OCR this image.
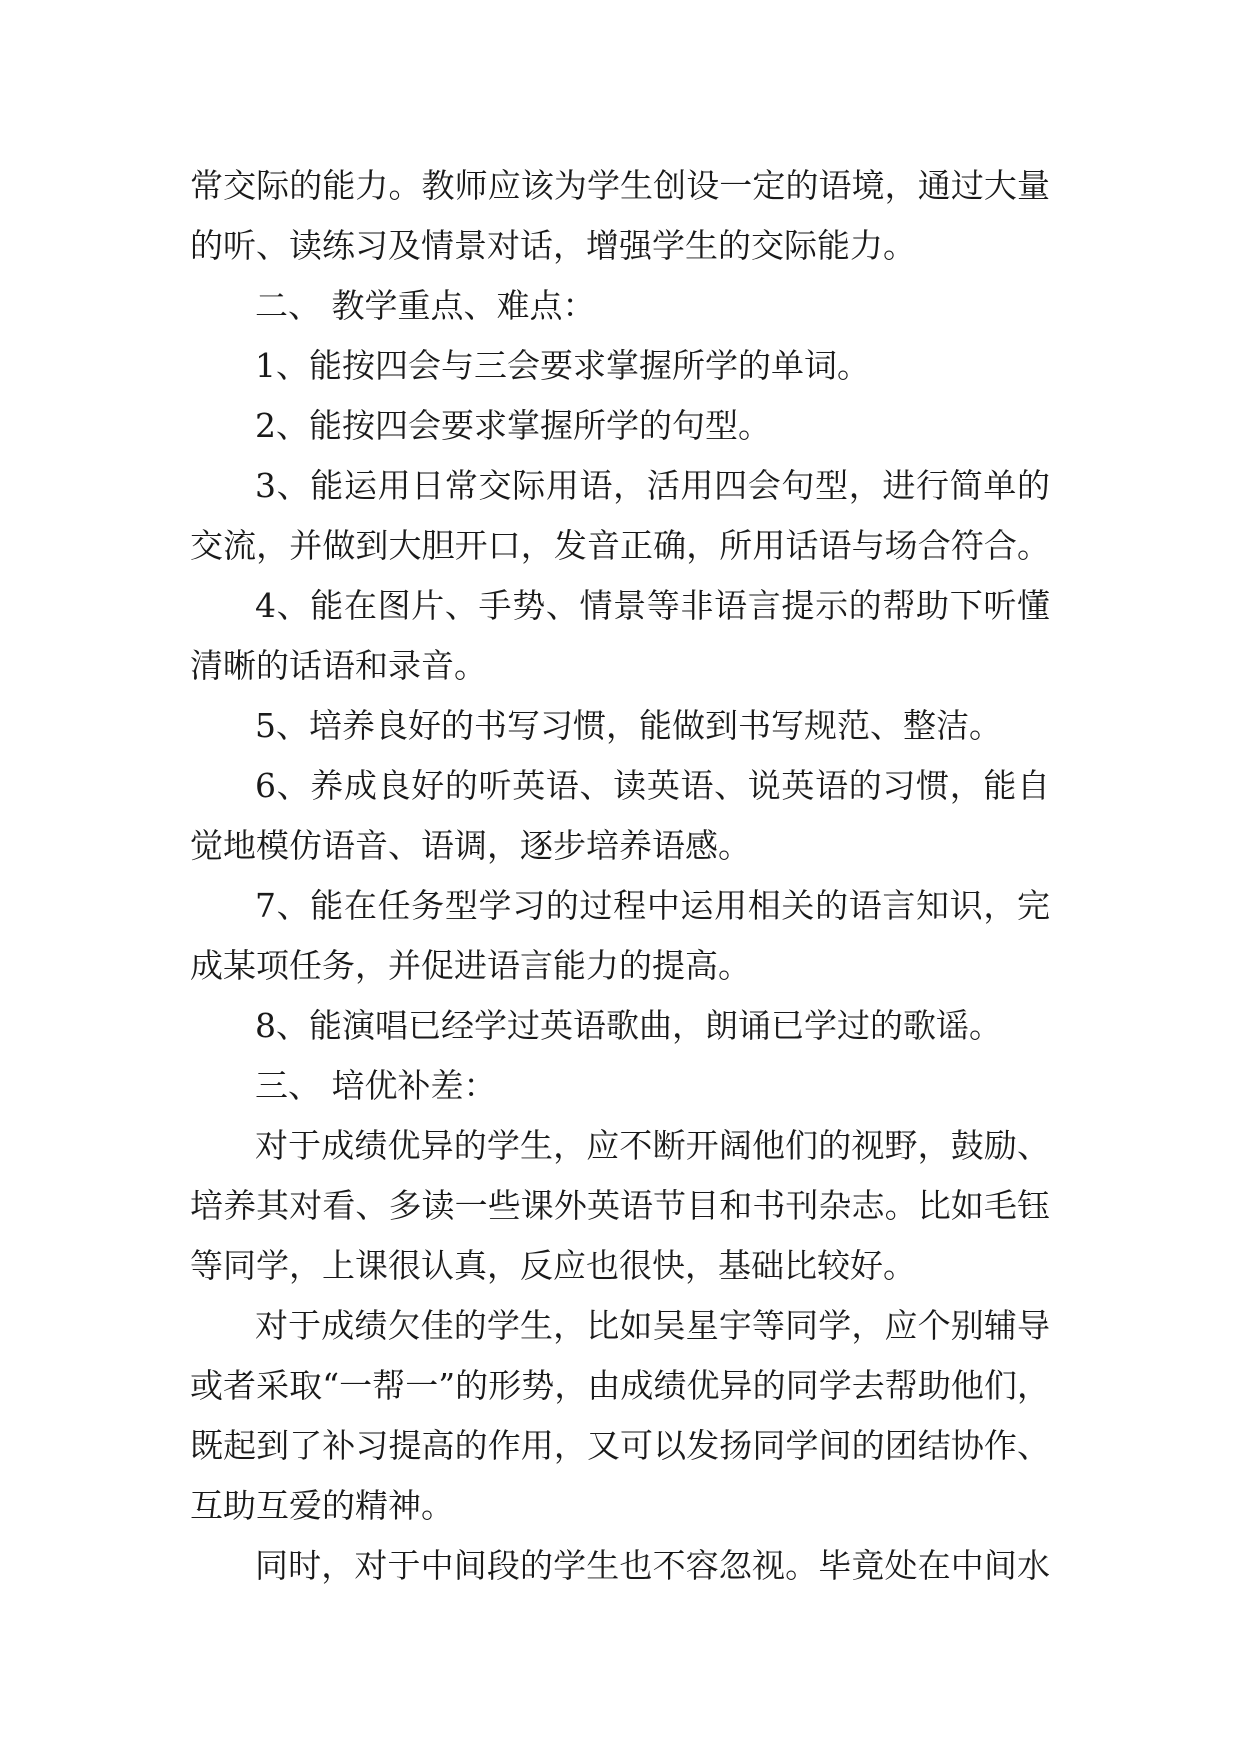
常交际的能力。教师应该为学生创设一定的语境，通过大量
的听、读练习及情景对话，增强学生的交际能力。
二、 教学重点、难点：
1、能按四会与三会要求掌握所学的单词。
2、能按四会要求掌握所学的句型。
3、能运用日常交际用语，活用四会句型，进行简单的
交流，并做到大胆开口，发音正确，所用话语与场合符合。
4、能在图片、手势、情景等非语言提示的帮助下听懂
清晰的话语和录音。
5、培养良好的书写习惯，能做到书写规范、整洁。
6、养成良好的听英语、读英语、说英语的习惯，能自
觉地模仿语音、语调，逐步培养语感。
7、能在任务型学习的过程中运用相关的语言知识，完
成某项任务，并促进语言能力的提高。
8、能演唱已经学过英语歌曲，朗诵已学过的歌谣。
三、 培优补差：
对于成绩优异的学生，应不断开阔他们的视野，鼓励、
培养其对看、多读一些课外英语节目和书刊杂志。比如毛钰
等同学，上课很认真，反应也很快，基础比较好。
对于成绩欠佳的学生，比如吴星宇等同学，应个别辅导
或者采取“一帮一”的形势，由成绩优异的同学去帮助他们，
既起到了补习提高的作用，又可以发扬同学间的团结协作、
互助互爱的精神。
同时，对于中间段的学生也不容忽视。毕竟处在中间水
